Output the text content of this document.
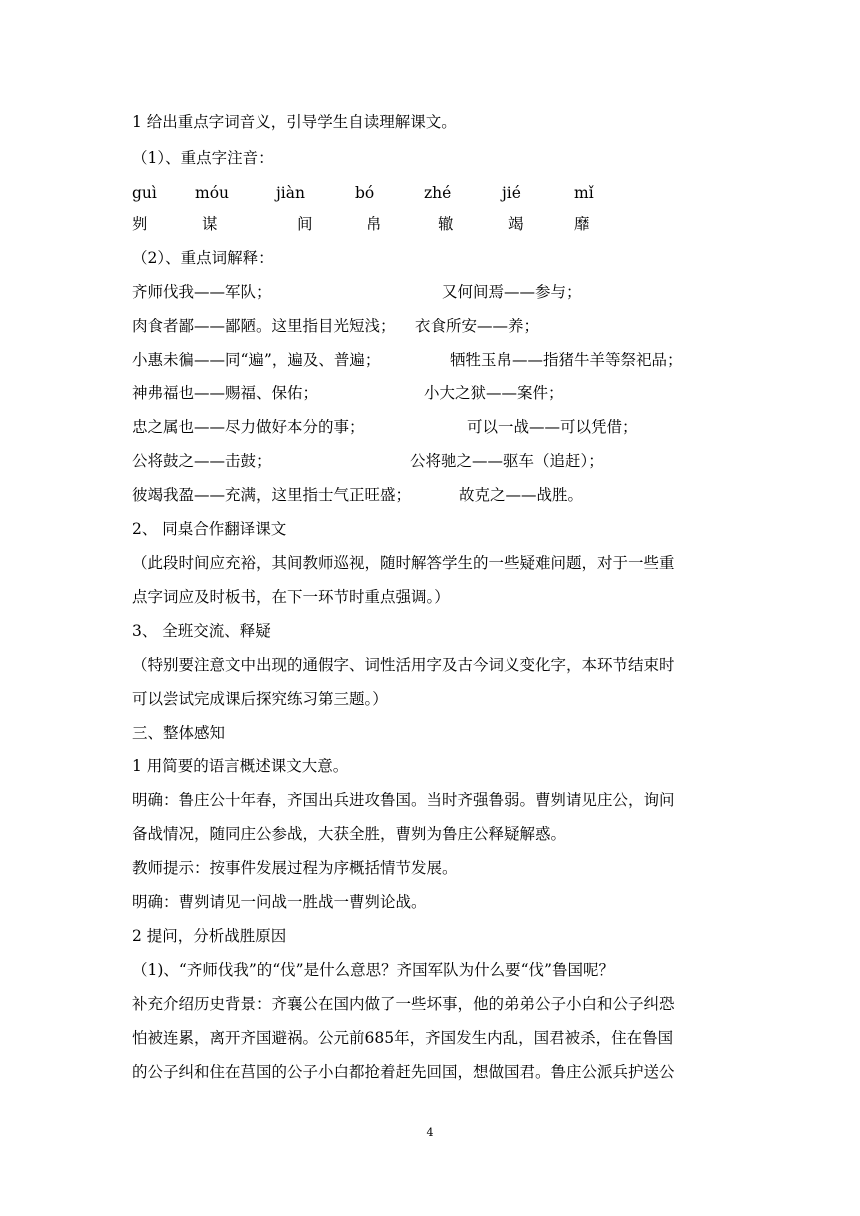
1 给出重点字词音义，引导学生自读理解课文。
（1）、重点字注音：
guì móu	jiàn	bó	zhé	jié	mǐ
刿	谋	间	帛	辙	竭	靡
（2）、重点词解释：
齐师伐我——军队；	又何间焉——参与；
肉食者鄙——鄙陋。这里指目光短浅； 衣食所安——养；
小惠未徧——同“遍”，遍及、普遍；	牺牲玉帛——指猪牛羊等祭祀品；
神弗福也——赐福、保佑；	小大之狱——案件；
忠之属也——尽力做好本分的事；	可以一战——可以凭借；
公将鼓之——击鼓；	公将驰之——驱车（追赶）；
彼竭我盈——充满，这里指士气正旺盛；	故克之——战胜。
2、 同桌合作翻译课文
（此段时间应充裕，其间教师巡视，随时解答学生的一些疑难问题，对于一些重
点字词应及时板书，在下一环节时重点强调。）
3、 全班交流、释疑
（特别要注意文中出现的通假字、词性活用字及古今词义变化字，本环节结束时
可以尝试完成课后探究练习第三题。）
三、整体感知
1 用简要的语言概述课文大意。
明确：鲁庄公十年春，齐国出兵进攻鲁国。当时齐强鲁弱。曹刿请见庄公，询问
备战情况，随同庄公参战，大获全胜，曹刿为鲁庄公释疑解惑。
教师提示：按事件发展过程为序概括情节发展。
明确：曹刿请见一问战一胜战一曹刿论战。
2 提问，分析战胜原因
（1)、“齐师伐我”的“伐”是什么意思？齐国军队为什么要“伐”鲁国呢？
补充介绍历史背景：齐襄公在国内做了一些坏事，他的弟弟公子小白和公子纠恐
怕被连累，离开齐国避祸。公元前685年，齐国发生内乱，国君被杀，住在鲁国
的公子纠和住在莒国的公子小白都抢着赶先回国，想做国君。鲁庄公派兵护送公
4
